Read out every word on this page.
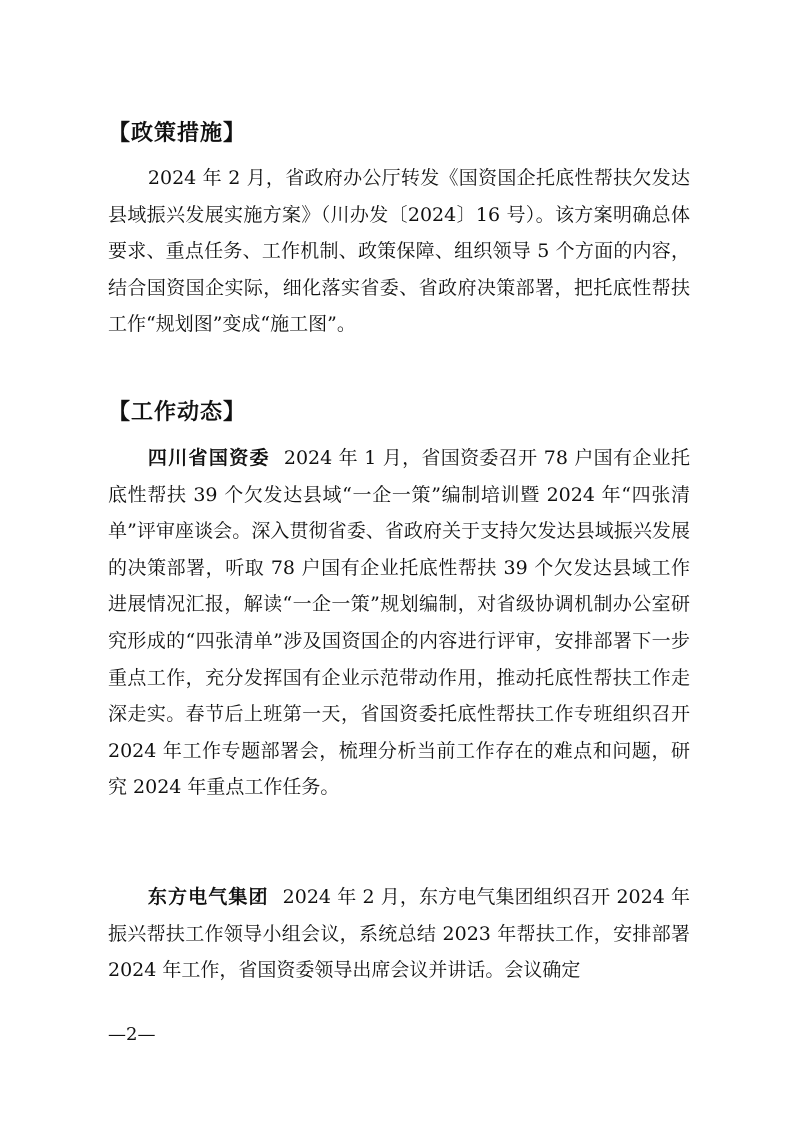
【政策措施】
2024 年 2 月，省政府办公厅转发《国资国企托底性帮扶欠发达县域振兴发展实施方案》（川办发〔2024〕16 号）。该方案明确总体要求、重点任务、工作机制、政策保障、组织领导 5 个方面的内容，结合国资国企实际，细化落实省委、省政府决策部署，把托底性帮扶工作“规划图”变成“施工图”。
【工作动态】
四川省国资委 2024 年 1 月，省国资委召开 78 户国有企业托底性帮扶 39 个欠发达县域“一企一策”编制培训暨 2024 年“四张清单”评审座谈会。深入贯彻省委、省政府关于支持欠发达县域振兴发展的决策部署，听取 78 户国有企业托底性帮扶 39 个欠发达县域工作进展情况汇报，解读“一企一策”规划编制，对省级协调机制办公室研究形成的“四张清单”涉及国资国企的内容进行评审，安排部署下一步重点工作，充分发挥国有企业示范带动作用，推动托底性帮扶工作走深走实。春节后上班第一天，省国资委托底性帮扶工作专班组织召开 2024 年工作专题部署会，梳理分析当前工作存在的难点和问题，研究 2024 年重点工作任务。
东方电气集团 2024 年 2 月，东方电气集团组织召开 2024 年振兴帮扶工作领导小组会议，系统总结 2023 年帮扶工作，安排部署 2024 年工作，省国资委领导出席会议并讲话。会议确定
—2—
